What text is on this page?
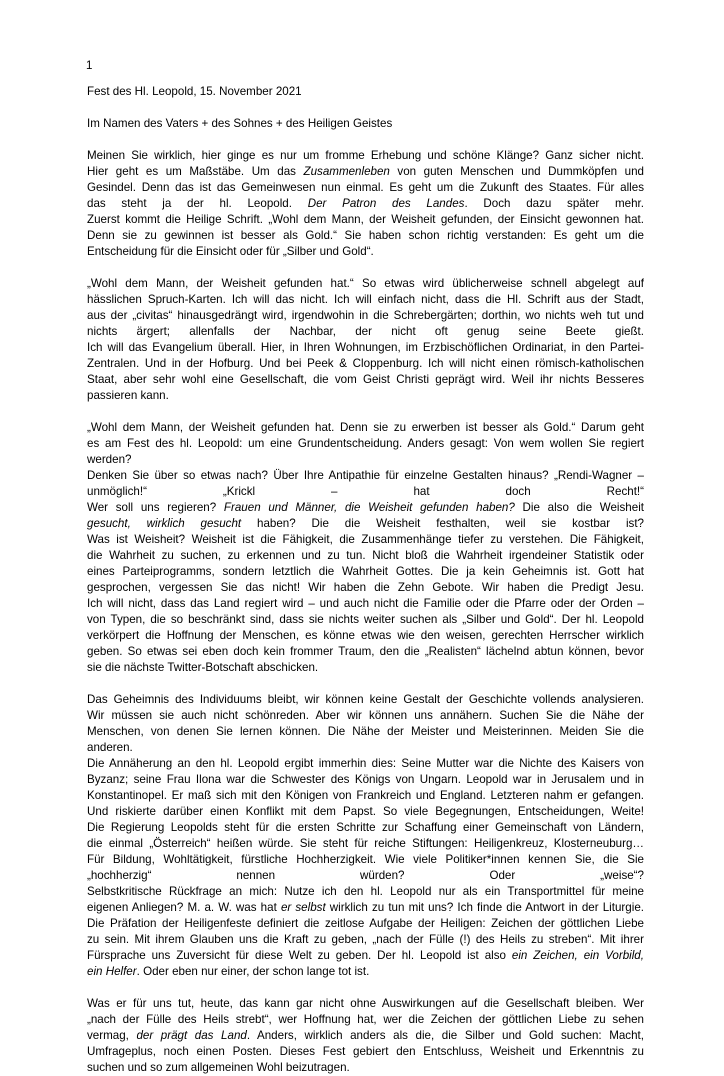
1
Fest des Hl. Leopold, 15. November 2021
Im Namen des Vaters + des Sohnes + des Heiligen Geistes
Meinen Sie wirklich, hier ginge es nur um fromme Erhebung und schöne Klänge? Ganz sicher nicht.
Hier geht es um Maßstäbe. Um das Zusammenleben von guten Menschen und Dummköpfen und
Gesindel. Denn das ist das Gemeinwesen nun einmal. Es geht um die Zukunft des Staates. Für alles
das steht ja der hl. Leopold. Der Patron des Landes. Doch dazu später mehr.
Zuerst kommt die Heilige Schrift. „Wohl dem Mann, der Weisheit gefunden, der Einsicht gewonnen hat.
Denn sie zu gewinnen ist besser als Gold.“ Sie haben schon richtig verstanden: Es geht um die
Entscheidung für die Einsicht oder für „Silber und Gold“.
„Wohl dem Mann, der Weisheit gefunden hat.“ So etwas wird üblicherweise schnell abgelegt auf
hässlichen Spruch-Karten. Ich will das nicht. Ich will einfach nicht, dass die Hl. Schrift aus der Stadt,
aus der „civitas“ hinausgedrängt wird, irgendwohin in die Schrebergärten; dorthin, wo nichts weh tut und
nichts ärgert; allenfalls der Nachbar, der nicht oft genug seine Beete gießt.
Ich will das Evangelium überall. Hier, in Ihren Wohnungen, im Erzbischöflichen Ordinariat, in den Partei-
Zentralen. Und in der Hofburg. Und bei Peek & Cloppenburg. Ich will nicht einen römisch-katholischen
Staat, aber sehr wohl eine Gesellschaft, die vom Geist Christi geprägt wird. Weil ihr nichts Besseres
passieren kann.
„Wohl dem Mann, der Weisheit gefunden hat. Denn sie zu erwerben ist besser als Gold.“ Darum geht
es am Fest des hl. Leopold: um eine Grundentscheidung. Anders gesagt: Von wem wollen Sie regiert
werden?
Denken Sie über so etwas nach? Über Ihre Antipathie für einzelne Gestalten hinaus? „Rendi-Wagner –
unmöglich!“ „Krickl – hat doch Recht!“
Wer soll uns regieren? Frauen und Männer, die Weisheit gefunden haben? Die also die Weisheit
gesucht, wirklich gesucht haben? Die die Weisheit festhalten, weil sie kostbar ist?
Was ist Weisheit? Weisheit ist die Fähigkeit, die Zusammenhänge tiefer zu verstehen. Die Fähigkeit,
die Wahrheit zu suchen, zu erkennen und zu tun. Nicht bloß die Wahrheit irgendeiner Statistik oder
eines Parteiprogramms, sondern letztlich die Wahrheit Gottes. Die ja kein Geheimnis ist. Gott hat
gesprochen, vergessen Sie das nicht! Wir haben die Zehn Gebote. Wir haben die Predigt Jesu.
Ich will nicht, dass das Land regiert wird – und auch nicht die Familie oder die Pfarre oder der Orden –
von Typen, die so beschränkt sind, dass sie nichts weiter suchen als „Silber und Gold“. Der hl. Leopold
verkörpert die Hoffnung der Menschen, es könne etwas wie den weisen, gerechten Herrscher wirklich
geben. So etwas sei eben doch kein frommer Traum, den die „Realisten“ lächelnd abtun können, bevor
sie die nächste Twitter-Botschaft abschicken.
Das Geheimnis des Individuums bleibt, wir können keine Gestalt der Geschichte vollends analysieren.
Wir müssen sie auch nicht schönreden. Aber wir können uns annähern. Suchen Sie die Nähe der
Menschen, von denen Sie lernen können. Die Nähe der Meister und Meisterinnen. Meiden Sie die
anderen.
Die Annäherung an den hl. Leopold ergibt immerhin dies: Seine Mutter war die Nichte des Kaisers von
Byzanz; seine Frau Ilona war die Schwester des Königs von Ungarn. Leopold war in Jerusalem und in
Konstantinopel. Er maß sich mit den Königen von Frankreich und England. Letzteren nahm er gefangen.
Und riskierte darüber einen Konflikt mit dem Papst. So viele Begegnungen, Entscheidungen, Weite!
Die Regierung Leopolds steht für die ersten Schritte zur Schaffung einer Gemeinschaft von Ländern,
die einmal „Österreich“ heißen würde. Sie steht für reiche Stiftungen: Heiligenkreuz, Klosterneuburg…
Für Bildung, Wohltätigkeit, fürstliche Hochherzigkeit. Wie viele Politiker*innen kennen Sie, die Sie
„hochherzig“ nennen würden? Oder „weise“?
Selbstkritische Rückfrage an mich: Nutze ich den hl. Leopold nur als ein Transportmittel für meine
eigenen Anliegen? M. a. W. was hat er selbst wirklich zu tun mit uns? Ich finde die Antwort in der Liturgie.
Die Präfation der Heiligenfeste definiert die zeitlose Aufgabe der Heiligen: Zeichen der göttlichen Liebe
zu sein. Mit ihrem Glauben uns die Kraft zu geben, „nach der Fülle (!) des Heils zu streben“. Mit ihrer
Fürsprache uns Zuversicht für diese Welt zu geben. Der hl. Leopold ist also ein Zeichen, ein Vorbild,
ein Helfer. Oder eben nur einer, der schon lange tot ist.
Was er für uns tut, heute, das kann gar nicht ohne Auswirkungen auf die Gesellschaft bleiben. Wer
„nach der Fülle des Heils strebt“, wer Hoffnung hat, wer die Zeichen der göttlichen Liebe zu sehen
vermag, der prägt das Land. Anders, wirklich anders als die, die Silber und Gold suchen: Macht,
Umfrageplus, noch einen Posten. Dieses Fest gebiert den Entschluss, Weisheit und Erkenntnis zu
suchen und so zum allgemeinen Wohl beizutragen.
